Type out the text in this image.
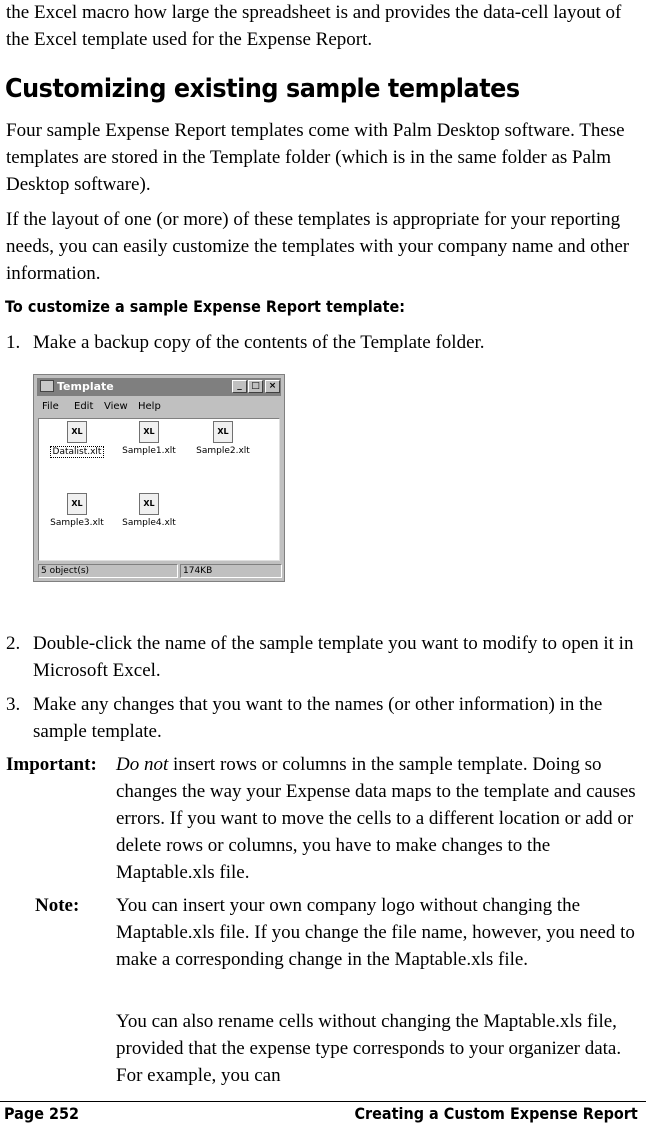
the Excel macro how large the spreadsheet is and provides the data-cell layout of the Excel template used for the Expense Report.

Customizing existing sample templates

Four sample Expense Report templates come with Palm Desktop software. These templates are stored in the Template folder (which is in the same folder as Palm Desktop software).

If the layout of one (or more) of these templates is appropriate for your reporting needs, you can easily customize the templates with your company name and other information.

To customize a sample Expense Report template:
1. Make a backup copy of the contents of the Template folder.
Template	_	□ ×
File Edit View Help
XL
Datalist.xlt
XL
Sample1.xlt
XL
Sample2.xlt
XL
Sample3.xlt
XL
Sample4.xlt
5 object(s)	174KB
2. Double-click the name of the sample template you want to modify to open it in Microsoft Excel.
3. Make any changes that you want to the names (or other information) in the sample template.
Important: Do not insert rows or columns in the sample template. Doing so changes the way your Expense data maps to the template and causes errors. If you want to move the cells to a different location or add or delete rows or columns, you have to make changes to the Maptable.xls file.
Note: You can insert your own company logo without changing the Maptable.xls file. If you change the file name, however, you need to make a corresponding change in the Maptable.xls file.
You can also rename cells without changing the Maptable.xls file, provided that the expense type corresponds to your organizer data. For example, you can
Page 252	Creating a Custom Expense Report
